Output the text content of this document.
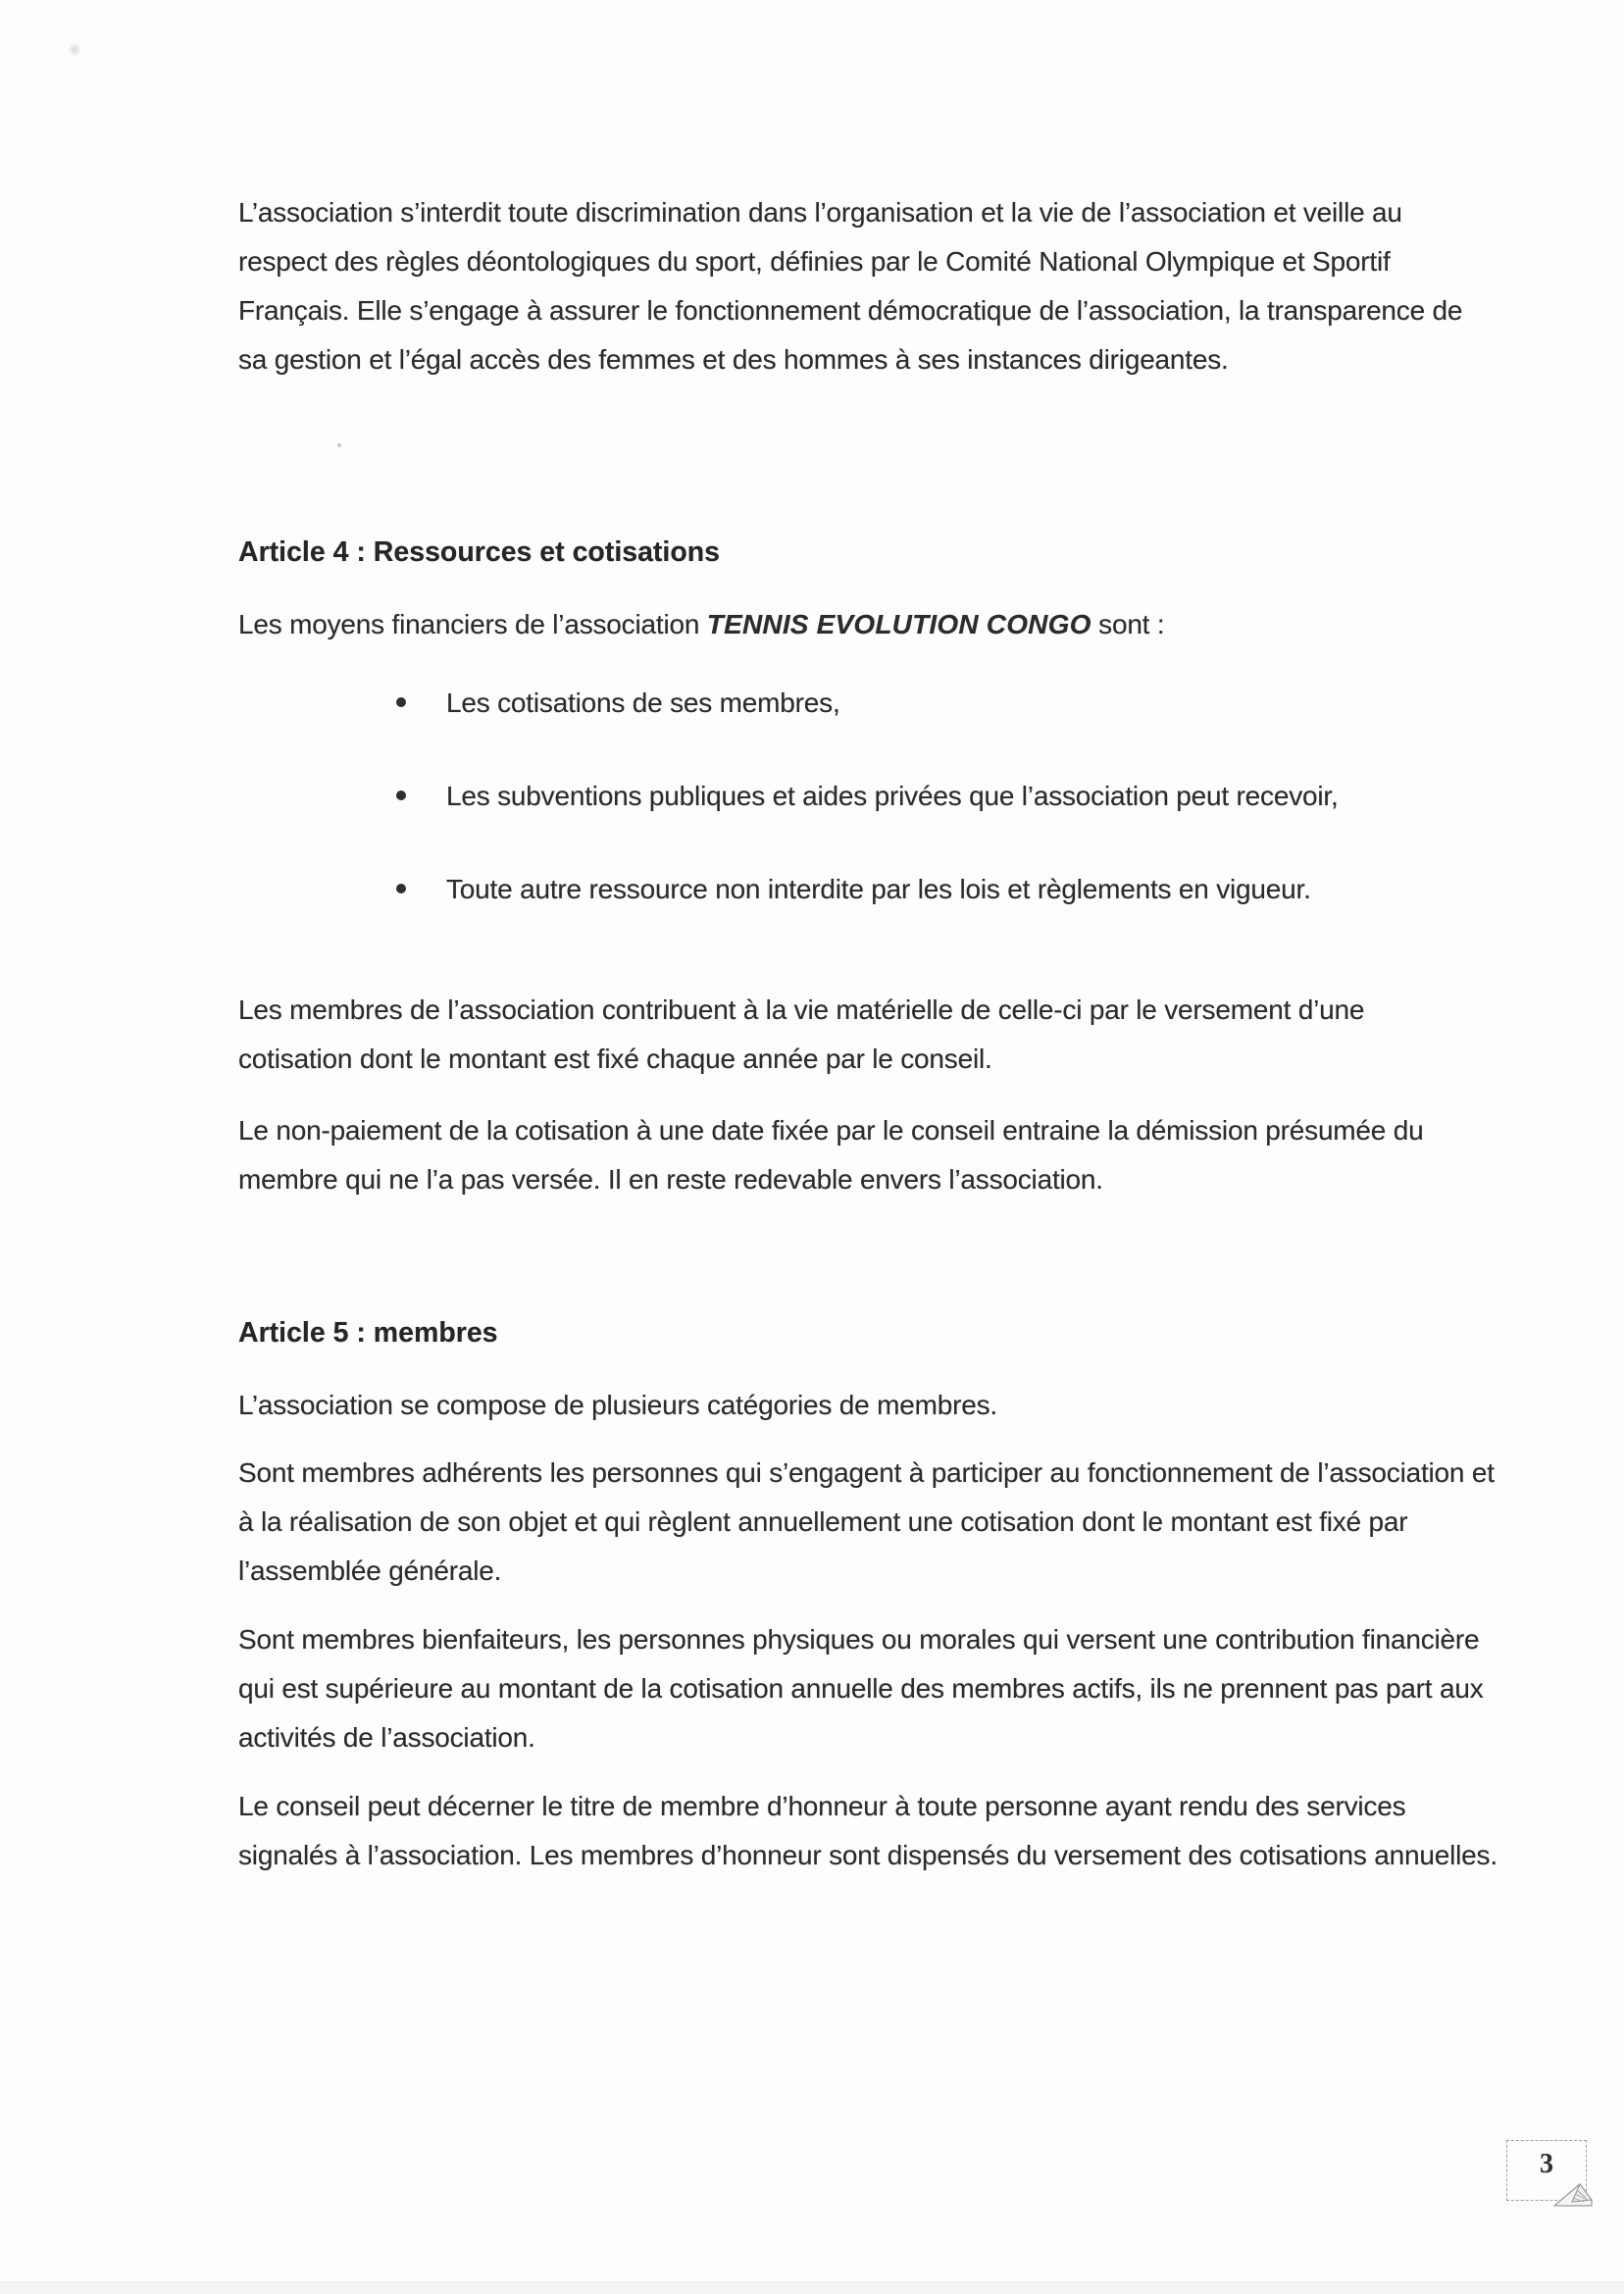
L’association s’interdit toute discrimination dans l’organisation et la vie de l’association et veille au respect des règles déontologiques du sport, définies par le Comité National Olympique et Sportif Français. Elle s’engage à assurer le fonctionnement démocratique de l’association, la transparence de sa gestion et l’égal accès des femmes et des hommes à ses instances dirigeantes.
Article 4 : Ressources et cotisations
Les moyens financiers de l’association TENNIS EVOLUTION CONGO sont :
Les cotisations de ses membres,
Les subventions publiques et aides privées que l’association peut recevoir,
Toute autre ressource non interdite par les lois et règlements en vigueur.
Les membres de l’association contribuent à la vie matérielle de celle-ci par le versement d’une cotisation dont le montant est fixé chaque année par le conseil.
Le non-paiement de la cotisation à une date fixée par le conseil entraine la démission présumée du membre qui ne l’a pas versée. Il en reste redevable envers l’association.
Article 5 : membres
L’association se compose de plusieurs catégories de membres.
Sont membres adhérents les personnes qui s’engagent à participer au fonctionnement de l’association et à la réalisation de son objet et qui règlent annuellement une cotisation dont le montant est fixé par l’assemblée générale.
Sont membres bienfaiteurs, les personnes physiques ou morales qui versent une contribution financière qui est supérieure au montant de la cotisation annuelle des membres actifs, ils ne prennent pas part aux activités de l’association.
Le conseil peut décerner le titre de membre d’honneur à toute personne ayant rendu des services signalés à l’association. Les membres d’honneur sont dispensés du versement des cotisations annuelles.
3
